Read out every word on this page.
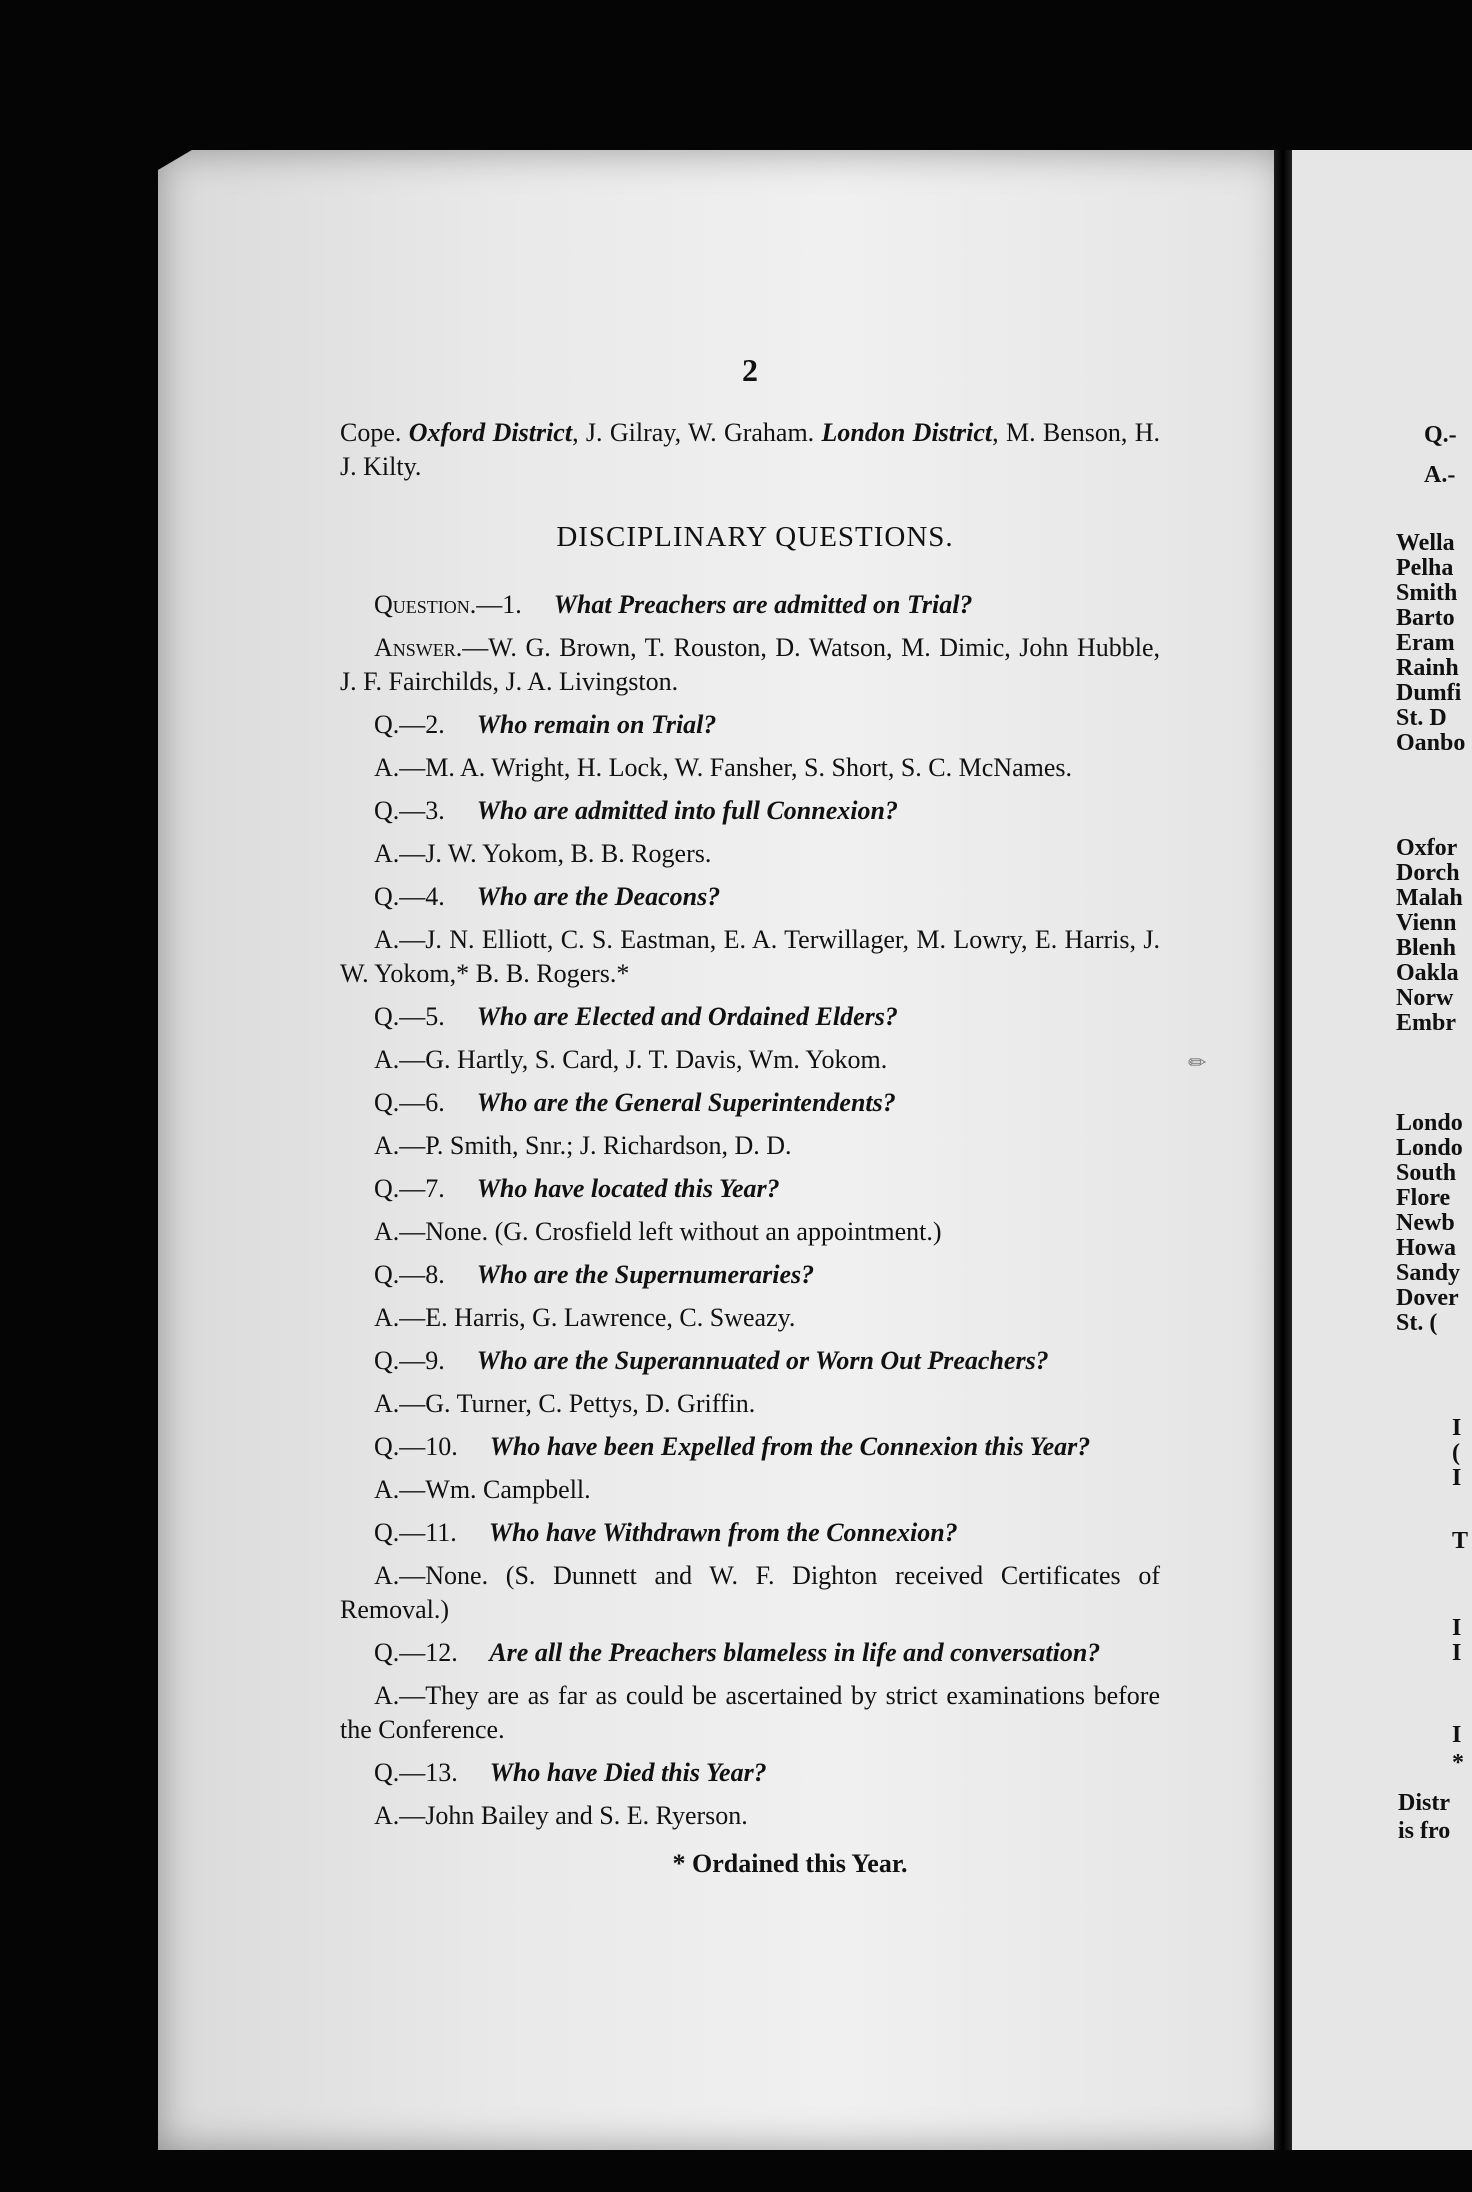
2

Cope. Oxford District, J. Gilray, W. Graham. London District, M. Benson, H. J. Kilty.

DISCIPLINARY QUESTIONS.

Question.—1.  What Preachers are admitted on Trial?

Answer.—W. G. Brown, T. Rouston, D. Watson, M. Dimic, John Hubble, J. F. Fairchilds, J. A. Livingston.

Q.—2.  Who remain on Trial?

A.—M. A. Wright, H. Lock, W. Fansher, S. Short, S. C. McNames.

Q.—3.  Who are admitted into full Connexion?

A.—J. W. Yokom, B. B. Rogers.

Q.—4.  Who are the Deacons?

A.—J. N. Elliott, C. S. Eastman, E. A. Terwillager, M. Lowry, E. Harris, J. W. Yokom,* B. B. Rogers.*

Q.—5.  Who are Elected and Ordained Elders?

A.—G. Hartly, S. Card, J. T. Davis, Wm. Yokom.

Q.—6.  Who are the General Superintendents?

A.—P. Smith, Snr.; J. Richardson, D. D.

Q.—7.  Who have located this Year?

A.—None. (G. Crosfield left without an appointment.)

Q.—8.  Who are the Supernumeraries?

A.—E. Harris, G. Lawrence, C. Sweazy.

Q.—9.  Who are the Superannuated or Worn Out Preachers?

A.—G. Turner, C. Pettys, D. Griffin.

Q.—10.  Who have been Expelled from the Connexion this Year?

A.—Wm. Campbell.

Q.—11.  Who have Withdrawn from the Connexion?

A.—None. (S. Dunnett and W. F. Dighton received Certificates of Removal.)

Q.—12.  Are all the Preachers blameless in life and conversation?

A.—They are as far as could be ascertained by strict examinations before the Conference.

Q.—13.  Who have Died this Year?

A.—John Bailey and S. E. Ryerson.

* Ordained this Year.

Q.-
A.-
Wella
Pelha
Smith
Barto
Eram
Rainh
Dumfi
St. D
Oanbo
Oxfor
Dorch
Malah
Vienn
Blenh
Oakla
Norw
Embr
Londo
Londo
South
Flore
Newb
Howa
Sandy
Dover
St. (
I
(
I
T
I
I
I
*
Distr
is fro
✏
